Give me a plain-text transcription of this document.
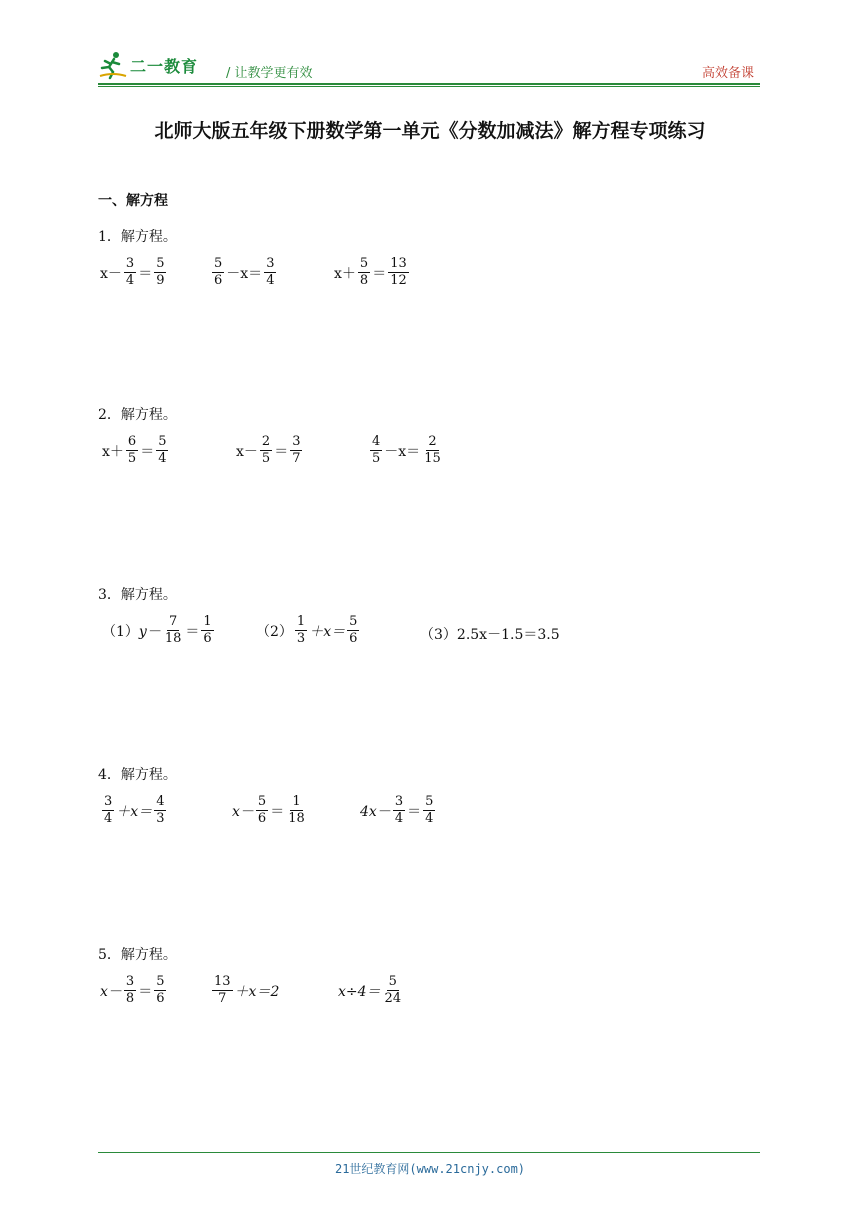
二一教育 / 让教学更有效	高效备课
北师大版五年级下册数学第一单元《分数加减法》解方程专项练习
一、解方程
1．解方程。
$x- \frac{3}{4} = \frac{5}{9}$	$\frac{5}{6} -x= \frac{3}{4}$	$x+ \frac{5}{8} = \frac{13}{12}$
2．解方程。
$x+ \frac{6}{5} = \frac{5}{4}$	$x- \frac{2}{5} = \frac{3}{7}$	$\frac{4}{5} -x= \frac{2}{15}$
3．解方程。
（1） $y- \frac{7}{18} = \frac{1}{6}$	$(2) \frac{1}{3} +x= \frac{5}{6}$	（3） 2.5x－1.5＝3.5
4．解方程。
$\frac{3}{4} +x= \frac{4}{3}$	$x- \frac{5}{6} = \frac{1}{18}$	$4x- \frac{3}{4} = \frac{5}{4}$
5．解方程。
$x- \frac{3}{8} = \frac{5}{6}$	$\frac{13}{7} +x=2$	$x\div 4= \frac{5}{24}$
21世纪教育网(www.21cnjy.com)
